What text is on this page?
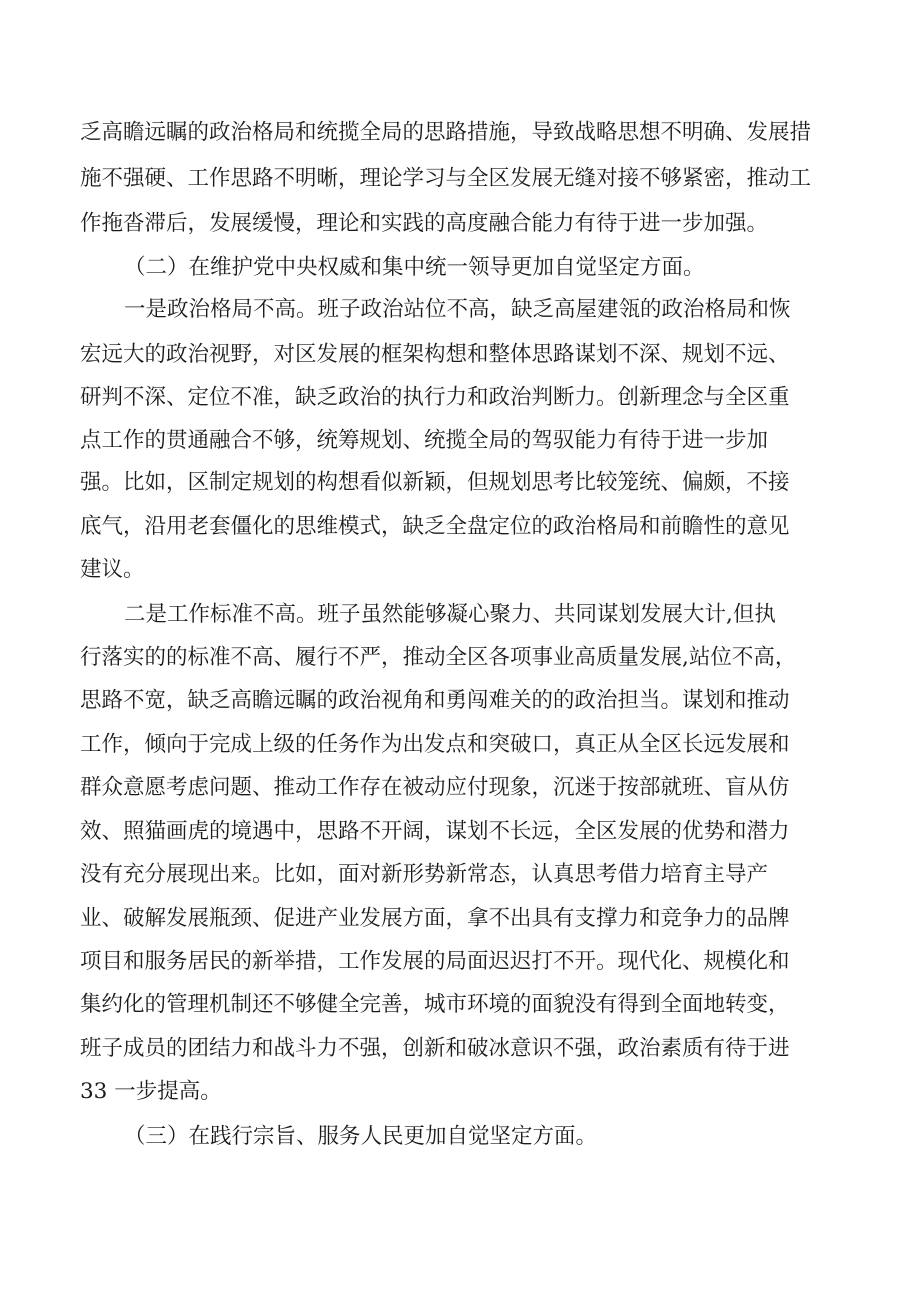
乏高瞻远瞩的政治格局和统揽全局的思路措施，导致战略思想不明确、发展措
施不强硬、工作思路不明晰，理论学习与全区发展无缝对接不够紧密，推动工
作拖沓滞后，发展缓慢，理论和实践的高度融合能力有待于进一步加强。
（二）在维护党中央权威和集中统一领导更加自觉坚定方面。
一是政治格局不高。班子政治站位不高，缺乏高屋建瓴的政治格局和恢
宏远大的政治视野，对区发展的框架构想和整体思路谋划不深、规划不远、
研判不深、定位不准，缺乏政治的执行力和政治判断力。创新理念与全区重
点工作的贯通融合不够，统筹规划、统揽全局的驾驭能力有待于进一步加
强。比如，区制定规划的构想看似新颖，但规划思考比较笼统、偏颇，不接
底气，沿用老套僵化的思维模式，缺乏全盘定位的政治格局和前瞻性的意见
建议。
二是工作标准不高。班子虽然能够凝心聚力、共同谋划发展大计,但执
行落实的的标准不高、履行不严，推动全区各项事业高质量发展,站位不高，
思路不宽，缺乏高瞻远瞩的政治视角和勇闯难关的的政治担当。谋划和推动
工作，倾向于完成上级的任务作为出发点和突破口，真正从全区长远发展和
群众意愿考虑问题、推动工作存在被动应付现象，沉迷于按部就班、盲从仿
效、照猫画虎的境遇中，思路不开阔，谋划不长远，全区发展的优势和潜力
没有充分展现出来。比如，面对新形势新常态，认真思考借力培育主导产
业、破解发展瓶颈、促进产业发展方面，拿不出具有支撑力和竞争力的品牌
项目和服务居民的新举措，工作发展的局面迟迟打不开。现代化、规模化和
集约化的管理机制还不够健全完善，城市环境的面貌没有得到全面地转变，
班子成员的团结力和战斗力不强，创新和破冰意识不强，政治素质有待于进
33 一步提高。
（三）在践行宗旨、服务人民更加自觉坚定方面。
